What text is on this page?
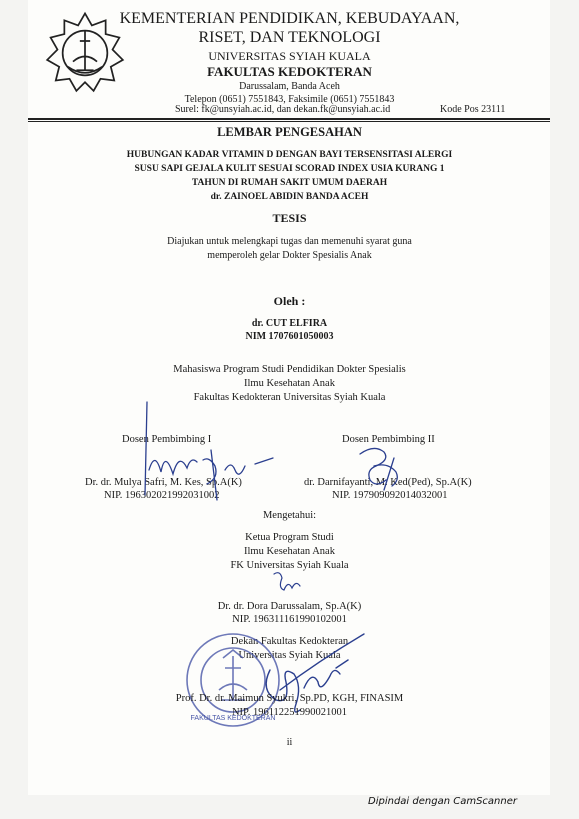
KEMENTERIAN PENDIDIKAN, KEBUDAYAAN,
RISET, DAN TEKNOLOGI
UNIVERSITAS SYIAH KUALA
FAKULTAS KEDOKTERAN
Darussalam, Banda Aceh
Telepon (0651) 7551843, Faksimile (0651) 7551843
Surel: fk@unsyiah.ac.id, dan dekan.fk@unsyiah.ac.id	Kode Pos 23111
LEMBAR PENGESAHAN
HUBUNGAN KADAR VITAMIN D DENGAN BAYI TERSENSITASI ALERGI
SUSU SAPI GEJALA KULIT SESUAI SCORAD INDEX USIA KURANG 1
TAHUN DI RUMAH SAKIT UMUM DAERAH
dr. ZAINOEL ABIDIN BANDA ACEH
TESIS
Diajukan untuk melengkapi tugas dan memenuhi syarat guna
memperoleh gelar Dokter Spesialis Anak
Oleh :
dr. CUT ELFIRA
NIM 1707601050003
Mahasiswa Program Studi Pendidikan Dokter Spesialis
Ilmu Kesehatan Anak
Fakultas Kedokteran Universitas Syiah Kuala
Dosen Pembimbing I	Dosen Pembimbing II
Dr. dr. Mulya Safri, M. Kes, Sp.A(K)
NIP. 196302021992031002
dr. Darnifayanti, M. Ked(Ped), Sp.A(K)
NIP. 197909092014032001
Mengetahui:
Ketua Program Studi
Ilmu Kesehatan Anak
FK Universitas Syiah Kuala
Dr. dr. Dora Darussalam, Sp.A(K)
NIP. 196311161990102001
Dekan Fakultas Kedokteran
Universitas Syiah Kuala
FAKULTAS KEDOKTERAN
Prof. Dr. dr. Maimun Syukri, Sp.PD, KGH, FINASIM
NIP. 196112251990021001
ii
Dipindai dengan CamScanner
